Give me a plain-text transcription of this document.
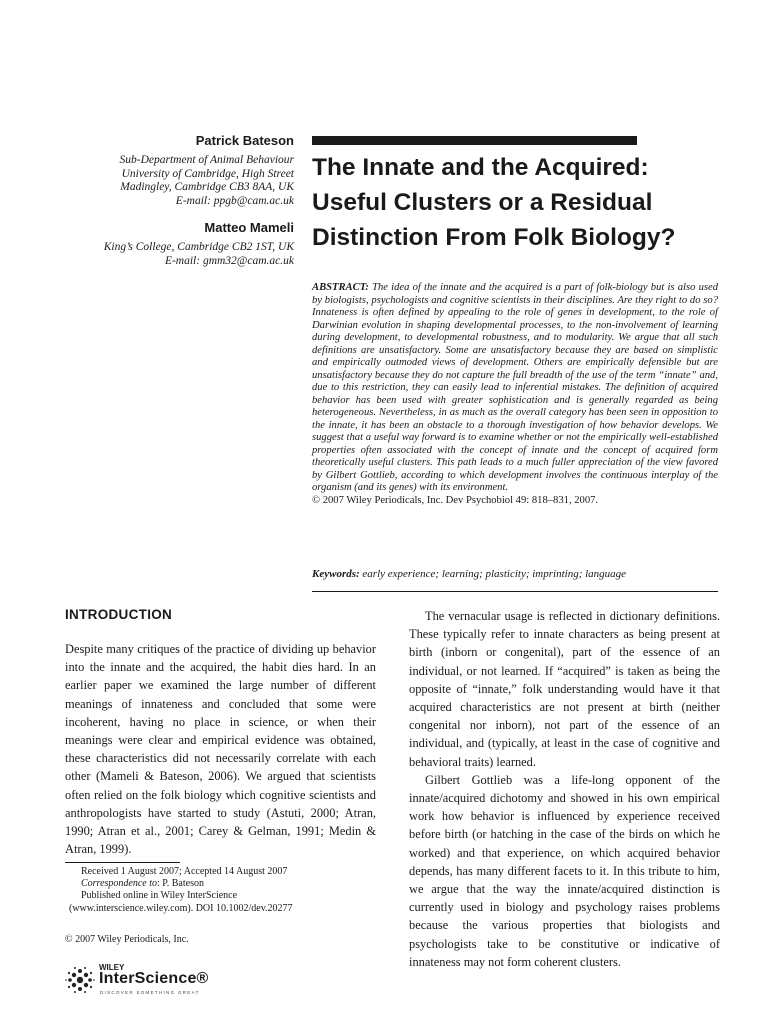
Patrick Bateson
Sub-Department of Animal Behaviour
University of Cambridge, High Street
Madingley, Cambridge CB3 8AA, UK
E-mail: ppgb@cam.ac.uk
Matteo Mameli
King’s College, Cambridge CB2 1ST, UK
E-mail: gmm32@cam.ac.uk
The Innate and the Acquired:
Useful Clusters or a Residual
Distinction From Folk Biology?

ABSTRACT: The idea of the innate and the acquired is a part of folk-biology but is also used by biologists, psychologists and cognitive scientists in their disciplines. Are they right to do so? Innateness is often defined by appealing to the role of genes in development, to the role of Darwinian evolution in shaping developmental processes, to the non-involvement of learning during development, to developmental robustness, and to modularity. We argue that all such definitions are unsatisfactory. Some are unsatisfactory because they are based on simplistic and empirically outmoded views of development. Others are empirically defensible but are unsatisfactory because they do not capture the full breadth of the use of the term “innate” and, due to this restriction, they can easily lead to inferential mistakes. The definition of acquired behavior has been used with greater sophistication and is generally regarded as being heterogeneous. Nevertheless, in as much as the overall category has been seen in opposition to the innate, it has been an obstacle to a thorough investigation of how behavior develops. We suggest that a useful way forward is to examine whether or not the empirically well-established properties often associated with the concept of innate and the concept of acquired form theoretically useful clusters. This path leads to a much fuller appreciation of the view favored by Gilbert Gottlieb, according to which development involves the continuous interplay of the organism (and its genes) with its environment.
© 2007 Wiley Periodicals, Inc. Dev Psychobiol 49: 818–831, 2007.

Keywords: early experience; learning; plasticity; imprinting; language
INTRODUCTION

Despite many critiques of the practice of dividing up behavior into the innate and the acquired, the habit dies hard. In an earlier paper we examined the large number of different meanings of innateness and concluded that some were incoherent, having no place in science, or when their meanings were clear and empirical evidence was obtained, these characteristics did not necessarily correlate with each other (Mameli & Bateson, 2006). We argued that scientists often relied on the folk biology which cognitive scientists and anthropologists have started to study (Astuti, 2000; Atran, 1990; Atran et al., 2001; Carey & Gelman, 1991; Medin & Atran, 1999).

The vernacular usage is reflected in dictionary definitions. These typically refer to innate characters as being present at birth (inborn or congenital), part of the essence of an individual, or not learned. If “acquired” is taken as being the opposite of “innate,” folk understanding would have it that acquired characteristics are not present at birth (neither congenital nor inborn), not part of the essence of an individual, and (typically, at least in the case of cognitive and behavioral traits) learned.

Gilbert Gottlieb was a life-long opponent of the innate/acquired dichotomy and showed in his own empirical work how behavior is influenced by experience received before birth (or hatching in the case of the birds on which he worked) and that experience, on which acquired behavior depends, has many different facets to it. In this tribute to him, we argue that the way the innate/acquired distinction is currently used in biology and psychology raises problems because the various properties that biologists and psychologists take to be constitutive or indicative of innateness may not form coherent clusters.

Received 1 August 2007; Accepted 14 August 2007
Correspondence to: P. Bateson
Published online in Wiley InterScience
(www.interscience.wiley.com). DOI 10.1002/dev.20277
© 2007 Wiley Periodicals, Inc.
WILEY
InterScience®
DISCOVER SOMETHING GREAT
